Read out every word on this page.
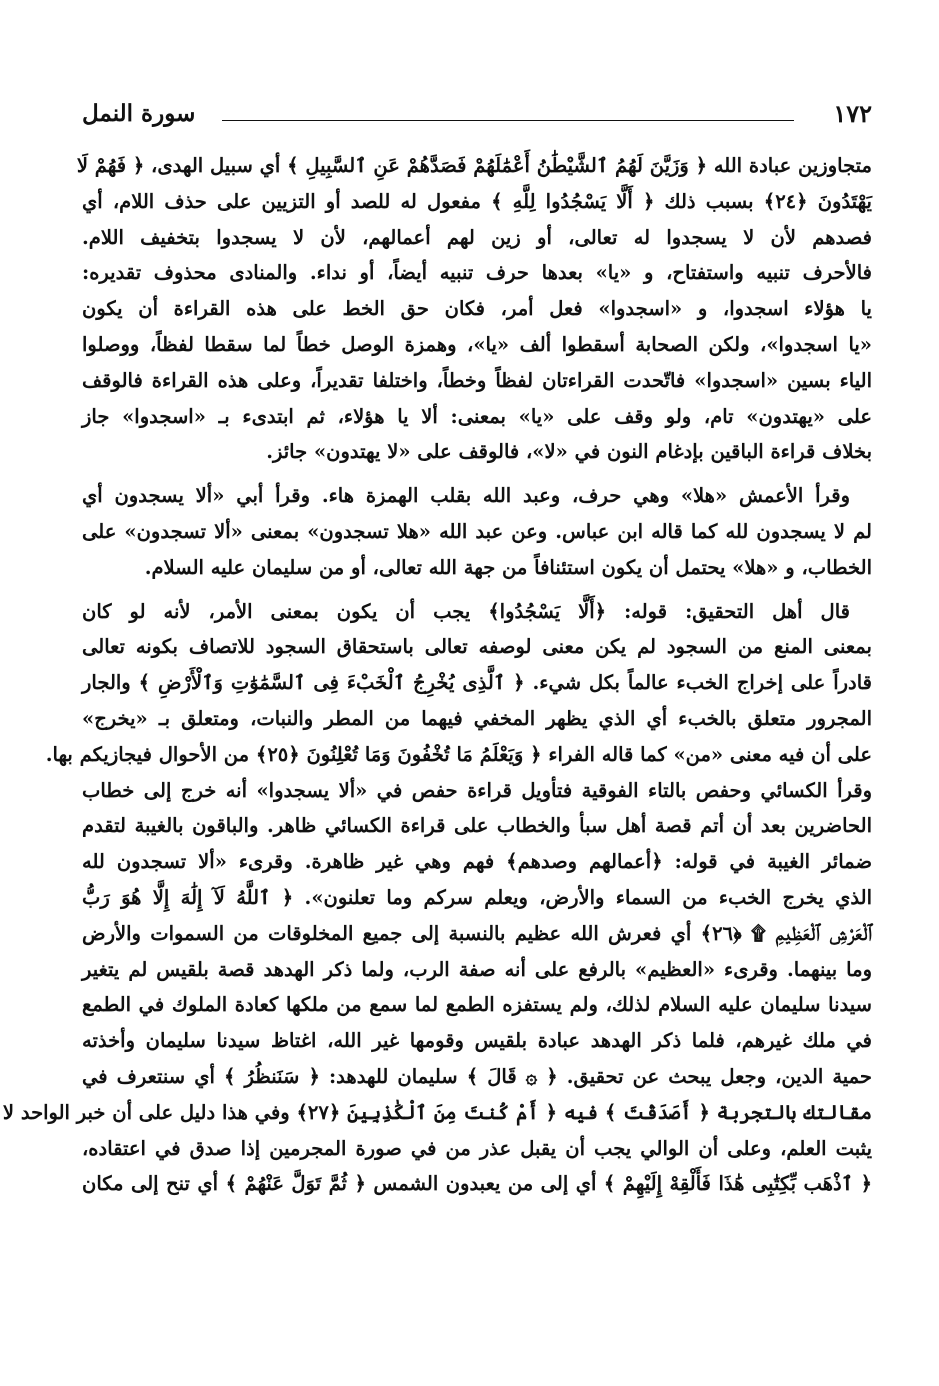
١٧٢
سورة النمل
متجاوزين عبادة الله ﴿ وَزَيَّنَ لَهُمُ ٱلشَّيْطَٰنُ أَعْمَٰلَهُمْ فَصَدَّهُمْ عَنِ ٱلسَّبِيلِ ﴾ أي سبيل الهدى، ﴿ فَهُمْ لَا
يَهْتَدُونَ ﴿٢٤﴾ بسبب ذلك ﴿ أَلَّا يَسْجُدُوا لِلَّهِ ﴾ مفعول له للصد أو التزيين على حذف اللام، أي
فصدهم لأن لا يسجدوا له تعالى، أو زين لهم أعمالهم، لأن لا يسجدوا بتخفيف اللام.
فالأحرف تنبيه واستفتاح، و «يا» بعدها حرف تنبيه أيضاً، أو نداء. والمنادى محذوف تقديره:
يا هؤلاء اسجدوا، و «اسجدوا» فعل أمر، فكان حق الخط على هذه القراءة أن يكون
«يا اسجدوا»، ولكن الصحابة أسقطوا ألف «يا»، وهمزة الوصل خطاً لما سقطا لفظاً، ووصلوا
الياء بسين «اسجدوا» فاتّحدت القراءتان لفظاً وخطاً، واختلفا تقديراً، وعلى هذه القراءة فالوقف
على «يهتدون» تام، ولو وقف على «يا» بمعنى: ألا يا هؤلاء، ثم ابتدىء بـ «اسجدوا» جاز
بخلاف قراءة الباقين بإدغام النون في «لا»، فالوقف على «لا يهتدون» جائز.
وقرأ الأعمش «هلا» وهي حرف، وعبد الله بقلب الهمزة هاء. وقرأ أبي «ألا يسجدون أي
لم لا يسجدون لله كما قاله ابن عباس. وعن عبد الله «هلا تسجدون» بمعنى «ألا تسجدون» على
الخطاب، و «هلا» يحتمل أن يكون استئنافاً من جهة الله تعالى، أو من سليمان عليه السلام.
قال أهل التحقيق: قوله: ﴿أَلَّا يَسْجُدُوا﴾ يجب أن يكون بمعنى الأمر، لأنه لو كان
بمعنى المنع من السجود لم يكن معنى لوصفه تعالى باستحقاق السجود للاتصاف بكونه تعالى
قادراً على إخراج الخبء عالماً بكل شيء. ﴿ ٱلَّذِى يُخْرِجُ ٱلْخَبْءَ فِى ٱلسَّمَٰوَٰتِ وَٱلْأَرْضِ ﴾ والجار
المجرور متعلق بالخبء أي الذي يظهر المخفي فيهما من المطر والنبات، ومتعلق بـ «يخرج»
على أن فيه معنى «من» كما قاله الفراء ﴿ وَيَعْلَمُ مَا تُخْفُونَ وَمَا تُعْلِنُونَ ﴿٢٥﴾ من الأحوال فيجازيكم بها.
وقرأ الكسائي وحفص بالتاء الفوقية فتأويل قراءة حفص في «ألا يسجدوا» أنه خرج إلى خطاب
الحاضرين بعد أن أتم قصة أهل سبأ والخطاب على قراءة الكسائي ظاهر. والباقون بالغيبة لتقدم
ضمائر الغيبة في قوله: ﴿أعمالهم وصدهم﴾ فهم وهي غير ظاهرة. وقرىء «ألا تسجدون لله
الذي يخرج الخبء من السماء والأرض، ويعلم سركم وما تعلنون». ﴿ ٱللَّهُ لَآ إِلَٰهَ إِلَّا هُوَ رَبُّ
ٱلْعَرْشِ ٱلْعَظِيمِ ۩ ﴿٢٦﴾ أي فعرش الله عظيم بالنسبة إلى جميع المخلوقات من السموات والأرض
وما بينهما. وقرىء «العظيم» بالرفع على أنه صفة الرب، ولما ذكر الهدهد قصة بلقيس لم يتغير
سيدنا سليمان عليه السلام لذلك، ولم يستفزه الطمع لما سمع من ملكها كعادة الملوك في الطمع
في ملك غيرهم، فلما ذكر الهدهد عبادة بلقيس وقومها غير الله، اغتاظ سيدنا سليمان وأخذته
حمية الدين، وجعل يبحث عن تحقيق. ﴿ ۞ قَالَ ﴾ سليمان للهدهد: ﴿ سَنَنظُرُ ﴾ أي سنتعرف في
مقالتك بالتجربة ﴿ أَصَدَقْتَ ﴾ فيه ﴿ أَمْ كُنتَ مِنَ ٱلْكَٰذِبِينَ ﴿٢٧﴾ وفي هذا دليل على أن خبر الواحد لا
يثبت العلم، وعلى أن الوالي يجب أن يقبل عذر من في صورة المجرمين إذا صدق في اعتقاده،
﴿ ٱذْهَب بِّكِتَٰبِى هَٰذَا فَأَلْقِهْ إِلَيْهِمْ ﴾ أي إلى من يعبدون الشمس ﴿ ثُمَّ تَوَلَّ عَنْهُمْ ﴾ أي تنح إلى مكان
